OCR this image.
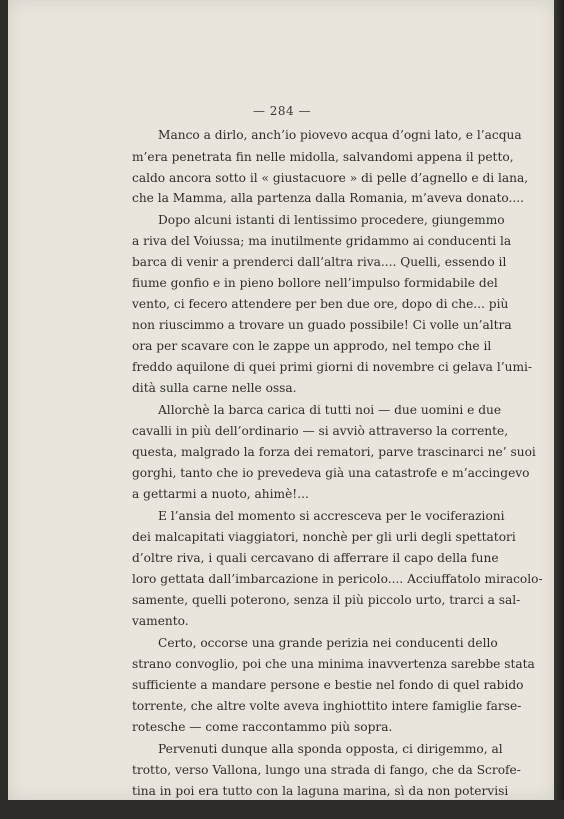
— 284 —
Manco a dirlo, anch’io piovevo acqua d’ogni lato, e l’acqua
m’era penetrata fin nelle midolla, salvandomi appena il petto,
caldo ancora sotto il « giustacuore » di pelle d’agnello e di lana,
che la Mamma, alla partenza dalla Romania, m’aveva donato....
Dopo alcuni istanti di lentissimo procedere, giungemmo
a riva del Voiussa; ma inutilmente gridammo ai conducenti la
barca di venir a prenderci dall’altra riva.... Quelli, essendo il
fiume gonfio e in pieno bollore nell’impulso formidabile del
vento, ci fecero attendere per ben due ore, dopo di che... più
non riuscimmo a trovare un guado possibile! Ci volle un’altra
ora per scavare con le zappe un approdo, nel tempo che il
freddo aquilone di quei primi giorni di novembre ci gelava l’umi-
dità sulla carne nelle ossa.
Allorchè la barca carica di tutti noi — due uomini e due
cavalli in più dell’ordinario — si avviò attraverso la corrente,
questa, malgrado la forza dei rematori, parve trascinarci ne’ suoi
gorghi, tanto che io prevedeva già una catastrofe e m’accingevo
a gettarmi a nuoto, ahimè!...
E l’ansia del momento si accresceva per le vociferazioni
dei malcapitati viaggiatori, nonchè per gli urli degli spettatori
d’oltre riva, i quali cercavano di afferrare il capo della fune
loro gettata dall’imbarcazione in pericolo.... Acciuffatolo miracolo-
samente, quelli poterono, senza il più piccolo urto, trarci a sal-
vamento.
Certo, occorse una grande perizia nei conducenti dello
strano convoglio, poi che una minima inavvertenza sarebbe stata
sufficiente a mandare persone e bestie nel fondo di quel rabido
torrente, che altre volte aveva inghiottito intere famiglie farse-
rotesche — come raccontammo più sopra.
Pervenuti dunque alla sponda opposta, ci dirigemmo, al
trotto, verso Vallona, lungo una strada di fango, che da Scrofe-
tina in poi era tutto con la laguna marina, sì da non potervisi
distinguere terra! come se non bastasse, l’albanese, che ci ser-
